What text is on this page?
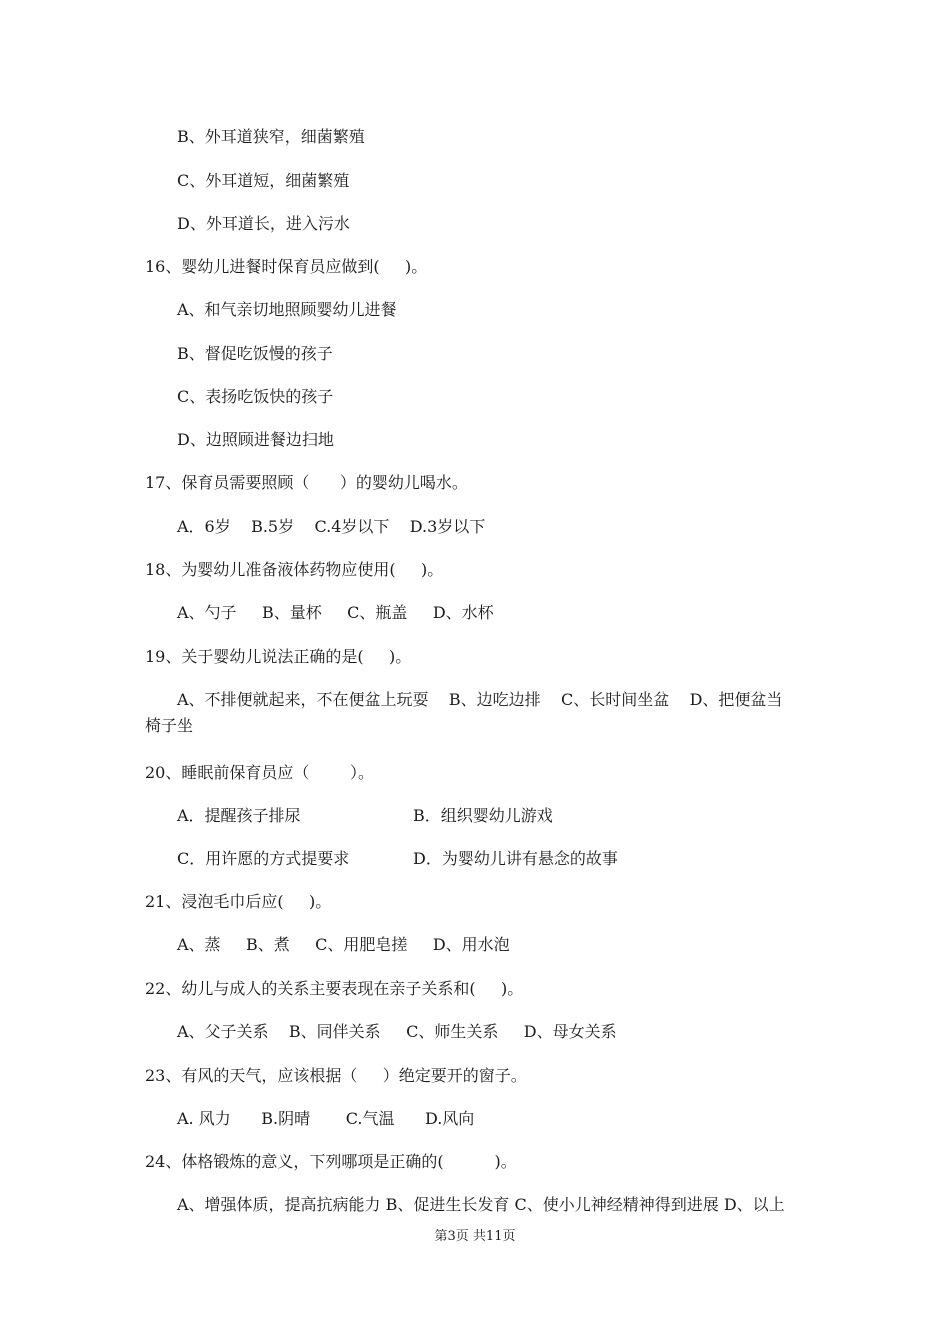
B、外耳道狭窄，细菌繁殖
C、外耳道短，细菌繁殖
D、外耳道长，进入污水
16、婴幼儿进餐时保育员应做到(     )。
A、和气亲切地照顾婴幼儿进餐
B、督促吃饭慢的孩子
C、表扬吃饭快的孩子
D、边照顾进餐边扫地
17、保育员需要照顾（      ）的婴幼儿喝水。
A．6岁    B.5岁    C.4岁以下    D.3岁以下
18、为婴幼儿准备液体药物应使用(     )。
A、勺子     B、量杯     C、瓶盖     D、水杯
19、关于婴幼儿说法正确的是(     )。
A、不排便就起来，不在便盆上玩耍    B、边吃边排    C、长时间坐盆    D、把便盆当
椅子坐
20、睡眠前保育员应（        ）。
A．提醒孩子排尿	B．组织婴幼儿游戏
C．用许愿的方式提要求	D．为婴幼儿讲有悬念的故事
21、浸泡毛巾后应(     )。
A、蒸     B、煮     C、用肥皂搓     D、用水泡
22、幼儿与成人的关系主要表现在亲子关系和(     )。
A、父子关系    B、同伴关系     C、师生关系     D、母女关系
23、有风的天气，应该根据（     ）绝定要开的窗子。
A. 风力      B.阴晴       C.气温      D.风向
24、体格锻炼的意义，下列哪项是正确的(          )。
A、增强体质，提高抗病能力 B、促进生长发育 C、使小儿神经精神得到进展 D、以上
第3页 共11页
